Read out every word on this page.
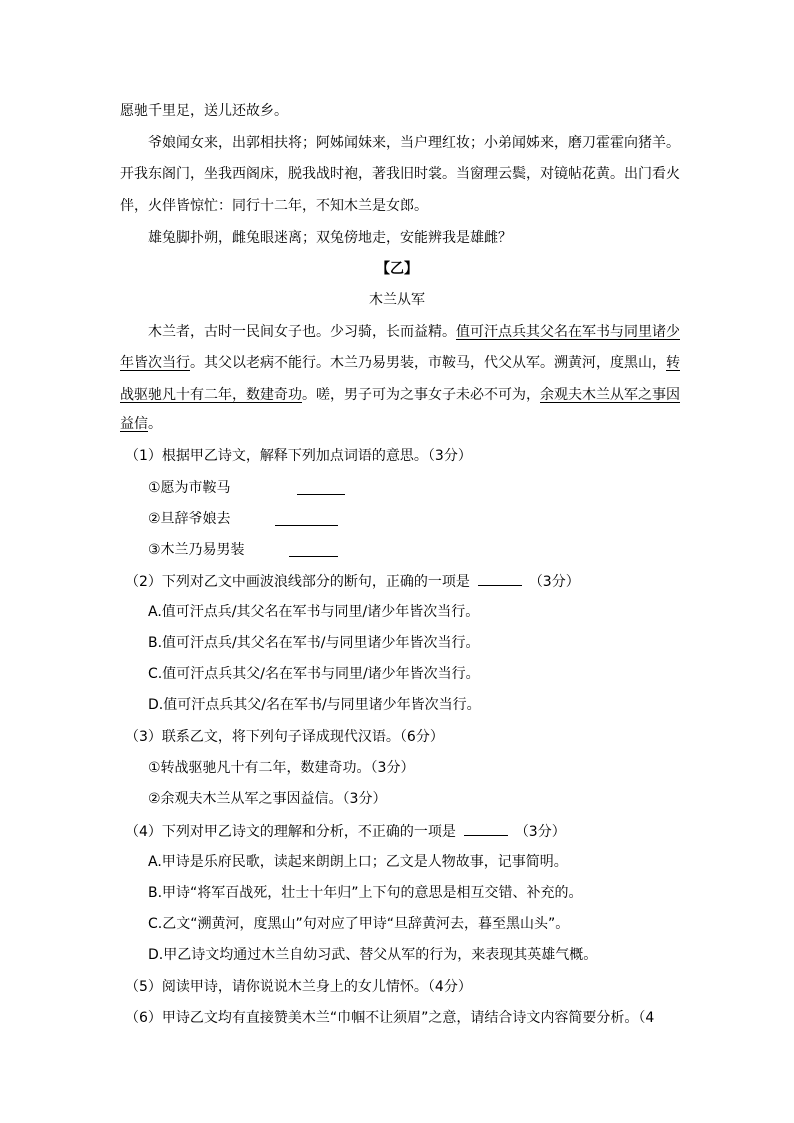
愿驰千里足，送儿还故乡。
爷娘闻女来，出郭相扶将；阿姊闻妹来，当户理红妆；小弟闻姊来，磨刀霍霍向猪羊。
开我东阁门，坐我西阁床，脱我战时袍，著我旧时裳。当窗理云鬓，对镜帖花黄。出门看火
伴，火伴皆惊忙：同行十二年，不知木兰是女郎。
雄兔脚扑朔，雌兔眼迷离；双兔傍地走，安能辨我是雄雌？
【乙】
木兰从军
木兰者，古时一民间女子也。少习骑，长而益精。值可汗点兵其父名在军书与同里诸少
年皆次当行。其父以老病不能行。木兰乃易男装，市鞍马，代父从军。溯黄河，度黑山，转
战驱驰凡十有二年，数建奇功。嗟，男子可为之事女子未必不可为，余观夫木兰从军之事因
益信。
（1）根据甲乙诗文，解释下列加点词语的意思。（3分）
①愿为市鞍马
②旦辞爷娘去
③木兰乃易男装
（2）下列对乙文中画波浪线部分的断句，正确的一项是	（3分）
A.值可汗点兵/其父名在军书与同里/诸少年皆次当行。
B.值可汗点兵/其父名在军书/与同里诸少年皆次当行。
C.值可汗点兵其父/名在军书与同里/诸少年皆次当行。
D.值可汗点兵其父/名在军书/与同里诸少年皆次当行。
（3）联系乙文，将下列句子译成现代汉语。（6分）
①转战驱驰凡十有二年，数建奇功。（3分）
②余观夫木兰从军之事因益信。（3分）
（4）下列对甲乙诗文的理解和分析，不正确的一项是	（3分）
A.甲诗是乐府民歌，读起来朗朗上口；乙文是人物故事，记事简明。
B.甲诗“将军百战死，壮士十年归”上下句的意思是相互交错、补充的。
C.乙文“溯黄河，度黑山”句对应了甲诗“旦辞黄河去，暮至黑山头”。
D.甲乙诗文均通过木兰自幼习武、替父从军的行为，来表现其英雄气概。
（5）阅读甲诗，请你说说木兰身上的女儿情怀。（4分）
（6）甲诗乙文均有直接赞美木兰“巾帼不让须眉”之意，请结合诗文内容简要分析。（4
